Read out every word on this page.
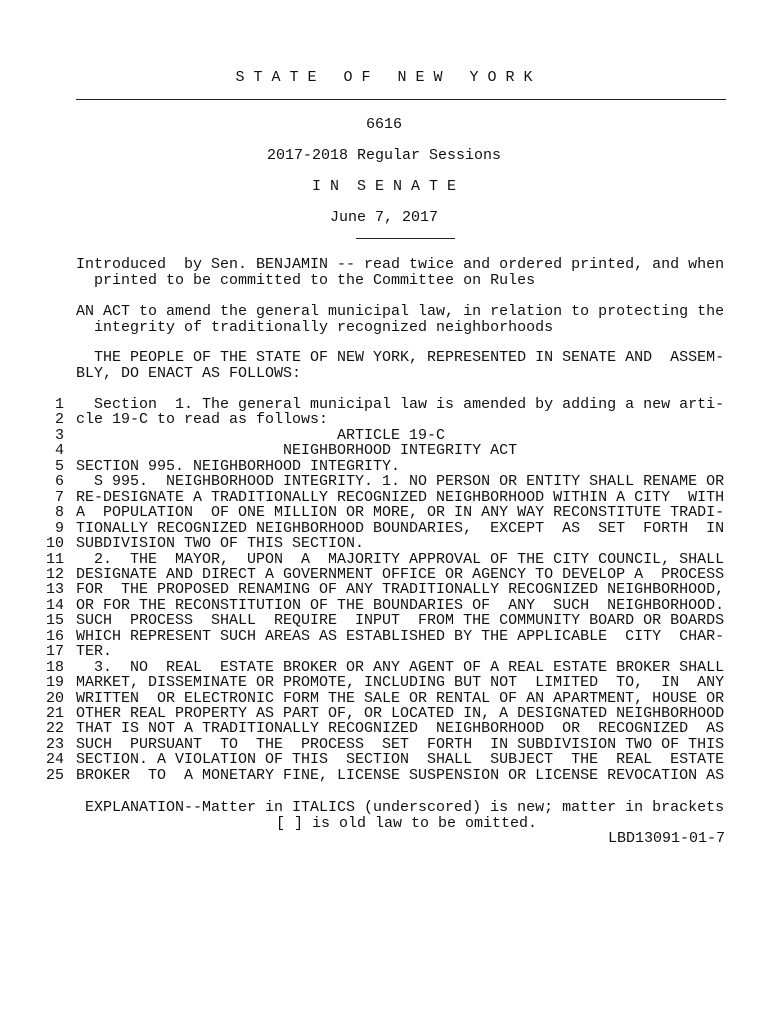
S T A T E   O F   N E W   Y O R K
6616
2017-2018 Regular Sessions
I N  S E N A T E
June 7, 2017
Introduced  by Sen. BENJAMIN -- read twice and ordered printed, and when
printed to be committed to the Committee on Rules
AN ACT to amend the general municipal law, in relation to protecting the
integrity of traditionally recognized neighborhoods
THE PEOPLE OF THE STATE OF NEW YORK, REPRESENTED IN SENATE AND  ASSEM-
BLY, DO ENACT AS FOLLOWS:
1 Section  1. The general municipal law is amended by adding a new arti-
2 cle 19-C to read as follows:
3 ARTICLE 19-C
4 NEIGHBORHOOD INTEGRITY ACT
5 SECTION 995. NEIGHBORHOOD INTEGRITY.
6 S 995.  NEIGHBORHOOD INTEGRITY. 1. NO PERSON OR ENTITY SHALL RENAME OR
7 RE-DESIGNATE A TRADITIONALLY RECOGNIZED NEIGHBORHOOD WITHIN A CITY  WITH
8 A  POPULATION  OF ONE MILLION OR MORE, OR IN ANY WAY RECONSTITUTE TRADI-
9 TIONALLY RECOGNIZED NEIGHBORHOOD BOUNDARIES,  EXCEPT  AS  SET  FORTH  IN
10 SUBDIVISION TWO OF THIS SECTION.
11 2.  THE  MAYOR,  UPON  A  MAJORITY APPROVAL OF THE CITY COUNCIL, SHALL
12 DESIGNATE AND DIRECT A GOVERNMENT OFFICE OR AGENCY TO DEVELOP A  PROCESS
13 FOR  THE PROPOSED RENAMING OF ANY TRADITIONALLY RECOGNIZED NEIGHBORHOOD,
14 OR FOR THE RECONSTITUTION OF THE BOUNDARIES OF  ANY  SUCH  NEIGHBORHOOD.
15 SUCH  PROCESS  SHALL  REQUIRE  INPUT  FROM THE COMMUNITY BOARD OR BOARDS
16 WHICH REPRESENT SUCH AREAS AS ESTABLISHED BY THE APPLICABLE  CITY  CHAR-
17 TER.
18 3.  NO  REAL  ESTATE BROKER OR ANY AGENT OF A REAL ESTATE BROKER SHALL
19 MARKET, DISSEMINATE OR PROMOTE, INCLUDING BUT NOT  LIMITED  TO,  IN  ANY
20 WRITTEN  OR ELECTRONIC FORM THE SALE OR RENTAL OF AN APARTMENT, HOUSE OR
21 OTHER REAL PROPERTY AS PART OF, OR LOCATED IN, A DESIGNATED NEIGHBORHOOD
22 THAT IS NOT A TRADITIONALLY RECOGNIZED  NEIGHBORHOOD  OR  RECOGNIZED  AS
23 SUCH  PURSUANT  TO  THE  PROCESS  SET  FORTH  IN SUBDIVISION TWO OF THIS
24 SECTION. A VIOLATION OF THIS  SECTION  SHALL  SUBJECT  THE  REAL  ESTATE
25 BROKER  TO  A MONETARY FINE, LICENSE SUSPENSION OR LICENSE REVOCATION AS
EXPLANATION--Matter in ITALICS (underscored) is new; matter in brackets
[ ] is old law to be omitted.
LBD13091-01-7
